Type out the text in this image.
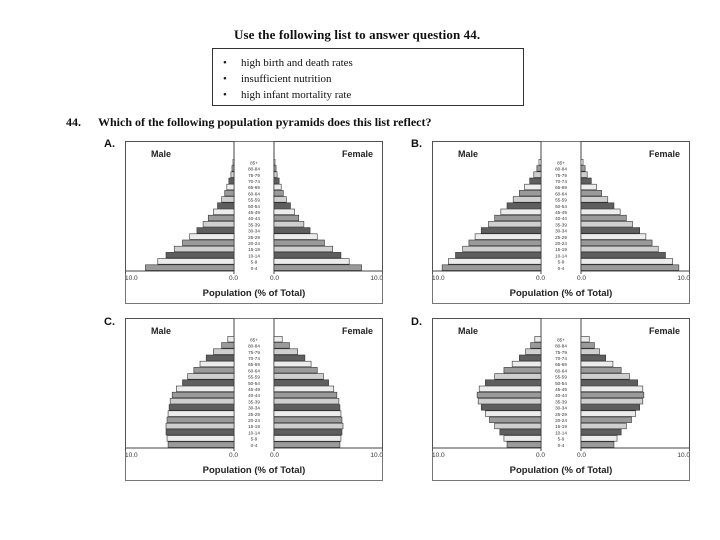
Use the following list to answer question 44.
• high birth and death rates
• insufficient nutrition
• high infant mortality rate
44. Which of the following population pyramids does this list reflect?
A.	B.
C.	D.
Male	Female
0-4
5-9
10-14
15-19
20-24
25-29
30-34
35-39
40-44
45-49
50-54
55-59
60-64
65-69
70-74
75-79
80-84
85+
10.0	0.0	0.0	10.0
Population (% of Total)
Male	Female
0-4
5-9
10-14
15-19
20-24
25-29
30-34
35-39
40-44
45-49
50-54
55-59
60-64
65-69
70-74
75-79
80-84
85+
10.0	0.0	0.0	10.0
Population (% of Total)
Male	Female
0-4
5-9
10-14
15-19
20-24
25-29
30-34
35-39
40-44
45-49
50-54
55-59
60-64
65-69
70-74
75-79
80-84
85+
10.0	0.0	0.0	10.0
Population (% of Total)
Male	Female
0-4
5-9
10-14
15-19
20-24
25-29
30-34
35-39
40-44
45-49
50-54
55-59
60-64
65-69
70-74
75-79
80-84
85+
10.0	0.0	0.0	10.0
Population (% of Total)
